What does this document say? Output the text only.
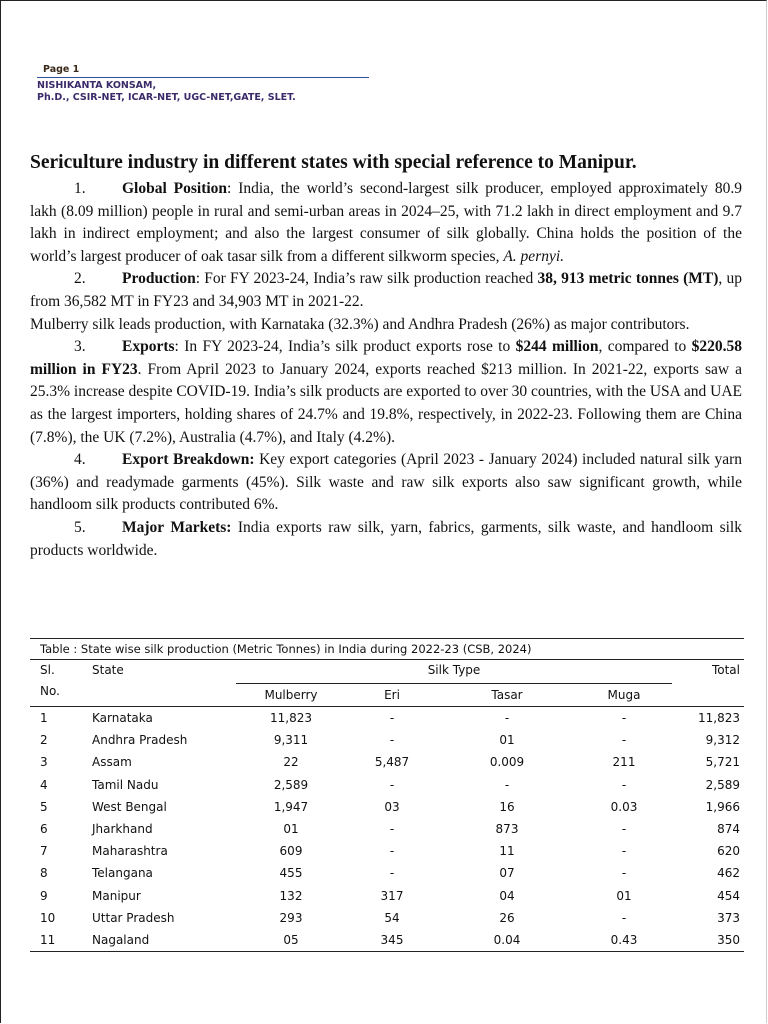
Page 1
NISHIKANTA KONSAM,
Ph.D., CSIR-NET, ICAR-NET, UGC-NET,GATE, SLET.
Sericulture industry in different states with special reference to Manipur.

1. Global Position: India, the world’s second-largest silk producer, employed approximately 80.9 lakh (8.09 million) people in rural and semi-urban areas in 2024–25, with 71.2 lakh in direct employment and 9.7 lakh in indirect employment; and also the largest consumer of silk globally. China holds the position of the world’s largest producer of oak tasar silk from a different silkworm species, A. pernyi.

2. Production: For FY 2023-24, India’s raw silk production reached 38, 913 metric tonnes (MT), up from 36,582 MT in FY23 and 34,903 MT in 2021-22.

Mulberry silk leads production, with Karnataka (32.3%) and Andhra Pradesh (26%) as major contributors.

3. Exports: In FY 2023-24, India’s silk product exports rose to $244 million, compared to $220.58 million in FY23. From April 2023 to January 2024, exports reached $213 million. In 2021-22, exports saw a 25.3% increase despite COVID-19. India’s silk products are exported to over 30 countries, with the USA and UAE as the largest importers, holding shares of 24.7% and 19.8%, respectively, in 2022-23. Following them are China (7.8%), the UK (7.2%), Australia (4.7%), and Italy (4.2%).

4. Export Breakdown: Key export categories (April 2023 - January 2024) included natural silk yarn (36%) and readymade garments (45%). Silk waste and raw silk exports also saw significant growth, while handloom silk products contributed 6%.

5. Major Markets: India exports raw silk, yarn, fabrics, garments, silk waste, and handloom silk products worldwide.

Table : State wise silk production (Metric Tonnes) in India during 2022-23 (CSB, 2024)
Sl.	State	Silk Type				Total
No.		Mulberry	Eri	Tasar	Muga	
1	Karnataka	11,823	-	-	-	11,823
2	Andhra Pradesh	9,311	-	01	-	9,312
3	Assam	22	5,487	0.009	211	5,721
4	Tamil Nadu	2,589	-	-	-	2,589
5	West Bengal	1,947	03	16	0.03	1,966
6	Jharkhand	01	-	873	-	874
7	Maharashtra	609	-	11	-	620
8	Telangana	455	-	07	-	462
9	Manipur	132	317	04	01	454
10	Uttar Pradesh	293	54	26	-	373
11	Nagaland	05	345	0.04	0.43	350
